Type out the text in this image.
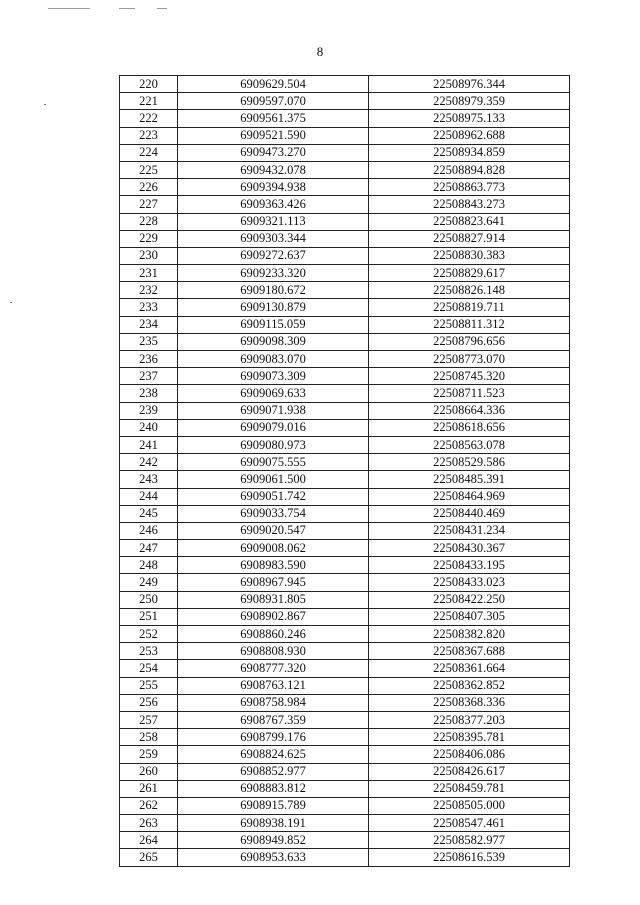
8
220	6909629.504	22508976.344
221	6909597.070	22508979.359
222	6909561.375	22508975.133
223	6909521.590	22508962.688
224	6909473.270	22508934.859
225	6909432.078	22508894.828
226	6909394.938	22508863.773
227	6909363.426	22508843.273
228	6909321.113	22508823.641
229	6909303.344	22508827.914
230	6909272.637	22508830.383
231	6909233.320	22508829.617
232	6909180.672	22508826.148
233	6909130.879	22508819.711
234	6909115.059	22508811.312
235	6909098.309	22508796.656
236	6909083.070	22508773.070
237	6909073.309	22508745.320
238	6909069.633	22508711.523
239	6909071.938	22508664.336
240	6909079.016	22508618.656
241	6909080.973	22508563.078
242	6909075.555	22508529.586
243	6909061.500	22508485.391
244	6909051.742	22508464.969
245	6909033.754	22508440.469
246	6909020.547	22508431.234
247	6909008.062	22508430.367
248	6908983.590	22508433.195
249	6908967.945	22508433.023
250	6908931.805	22508422.250
251	6908902.867	22508407.305
252	6908860.246	22508382.820
253	6908808.930	22508367.688
254	6908777.320	22508361.664
255	6908763.121	22508362.852
256	6908758.984	22508368.336
257	6908767.359	22508377.203
258	6908799.176	22508395.781
259	6908824.625	22508406.086
260	6908852.977	22508426.617
261	6908883.812	22508459.781
262	6908915.789	22508505.000
263	6908938.191	22508547.461
264	6908949.852	22508582.977
265	6908953.633	22508616.539
